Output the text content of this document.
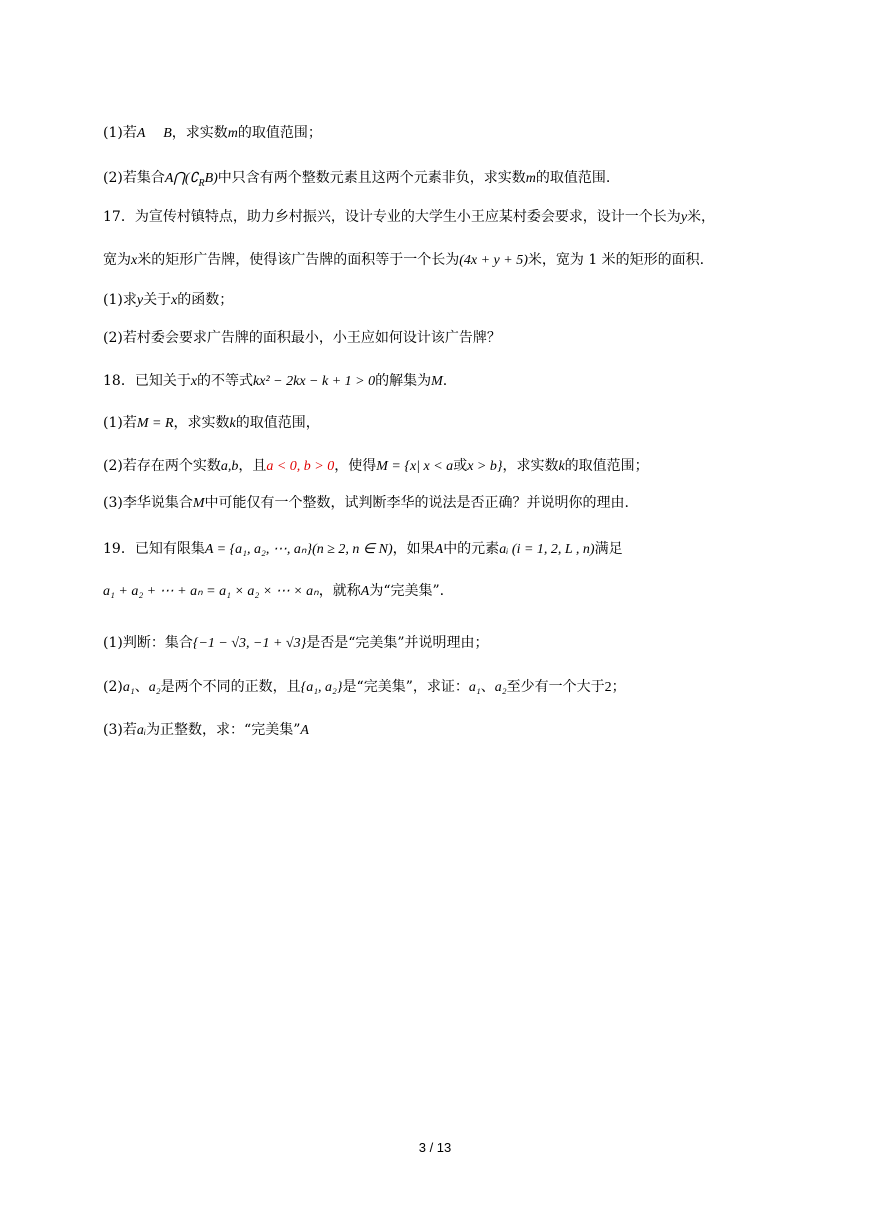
(1)若A B，求实数m的取值范围；
(2)若集合$A⋂(∁_RB)$中只含有两个整数元素且这两个元素非负，求实数m的取值范围.
17．为宣传村镇特点，助力乡村振兴，设计专业的大学生小王应某村委会要求，设计一个长为y米，
宽为x米的矩形广告牌，使得该广告牌的面积等于一个长为(4x + y + 5)米，宽为 1 米的矩形的面积.
(1)求y关于x的函数；
(2)若村委会要求广告牌的面积最小，小王应如何设计该广告牌？
18．已知关于x的不等式kx² − 2kx − k + 1 > 0的解集为M.
(1)若M = R，求实数k的取值范围，
(2)若存在两个实数a,b，且a < 0, b > 0，使得M = {x| x < a或x > b}，求实数k的取值范围；
(3)李华说集合M中可能仅有一个整数，试判断李华的说法是否正确？并说明你的理由.
19．已知有限集A = {a₁, a₂, ⋯, aₙ}(n ≥ 2, n ∈ N)，如果A中的元素aᵢ (i = 1, 2, L , n)满足
a₁ + a₂ + ⋯ + aₙ = a₁ × a₂ × ⋯ × aₙ，就称A为“完美集”.
(1)判断：集合{−1 − √3, −1 + √3}是否是“完美集”并说明理由；
(2)a₁、a₂是两个不同的正数，且{a₁, a₂}是“完美集”，求证：a₁、a₂至少有一个大于2；
(3)若aᵢ为正整数，求：“完美集”A
3 / 13
